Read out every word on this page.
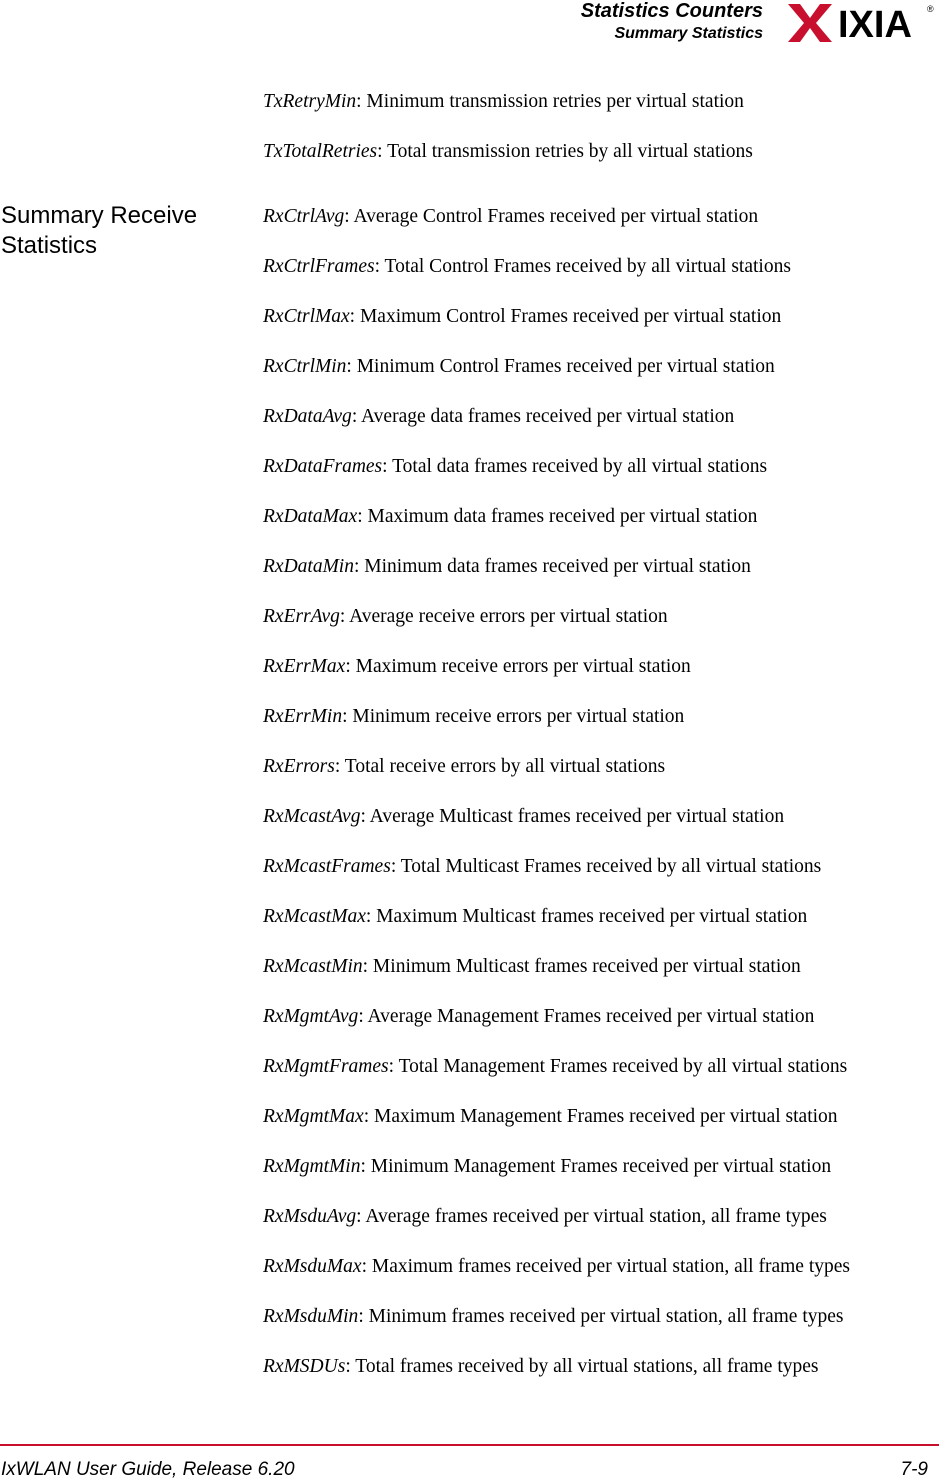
Statistics Counters
Summary Statistics IXIA ®
Summary Receive Statistics
TxRetryMin: Minimum transmission retries per virtual station
TxTotalRetries: Total transmission retries by all virtual stations
RxCtrlAvg: Average Control Frames received per virtual station
RxCtrlFrames: Total Control Frames received by all virtual stations
RxCtrlMax: Maximum Control Frames received per virtual station
RxCtrlMin: Minimum Control Frames received per virtual station
RxDataAvg: Average data frames received per virtual station
RxDataFrames: Total data frames received by all virtual stations
RxDataMax: Maximum data frames received per virtual station
RxDataMin: Minimum data frames received per virtual station
RxErrAvg: Average receive errors per virtual station
RxErrMax: Maximum receive errors per virtual station
RxErrMin: Minimum receive errors per virtual station
RxErrors: Total receive errors by all virtual stations
RxMcastAvg: Average Multicast frames received per virtual station
RxMcastFrames: Total Multicast Frames received by all virtual stations
RxMcastMax: Maximum Multicast frames received per virtual station
RxMcastMin: Minimum Multicast frames received per virtual station
RxMgmtAvg: Average Management Frames received per virtual station
RxMgmtFrames: Total Management Frames received by all virtual stations
RxMgmtMax: Maximum Management Frames received per virtual station
RxMgmtMin: Minimum Management Frames received per virtual station
RxMsduAvg: Average frames received per virtual station, all frame types
RxMsduMax: Maximum frames received per virtual station, all frame types
RxMsduMin: Minimum frames received per virtual station, all frame types
RxMSDUs: Total frames received by all virtual stations, all frame types
IxWLAN User Guide, Release 6.20	7-9
